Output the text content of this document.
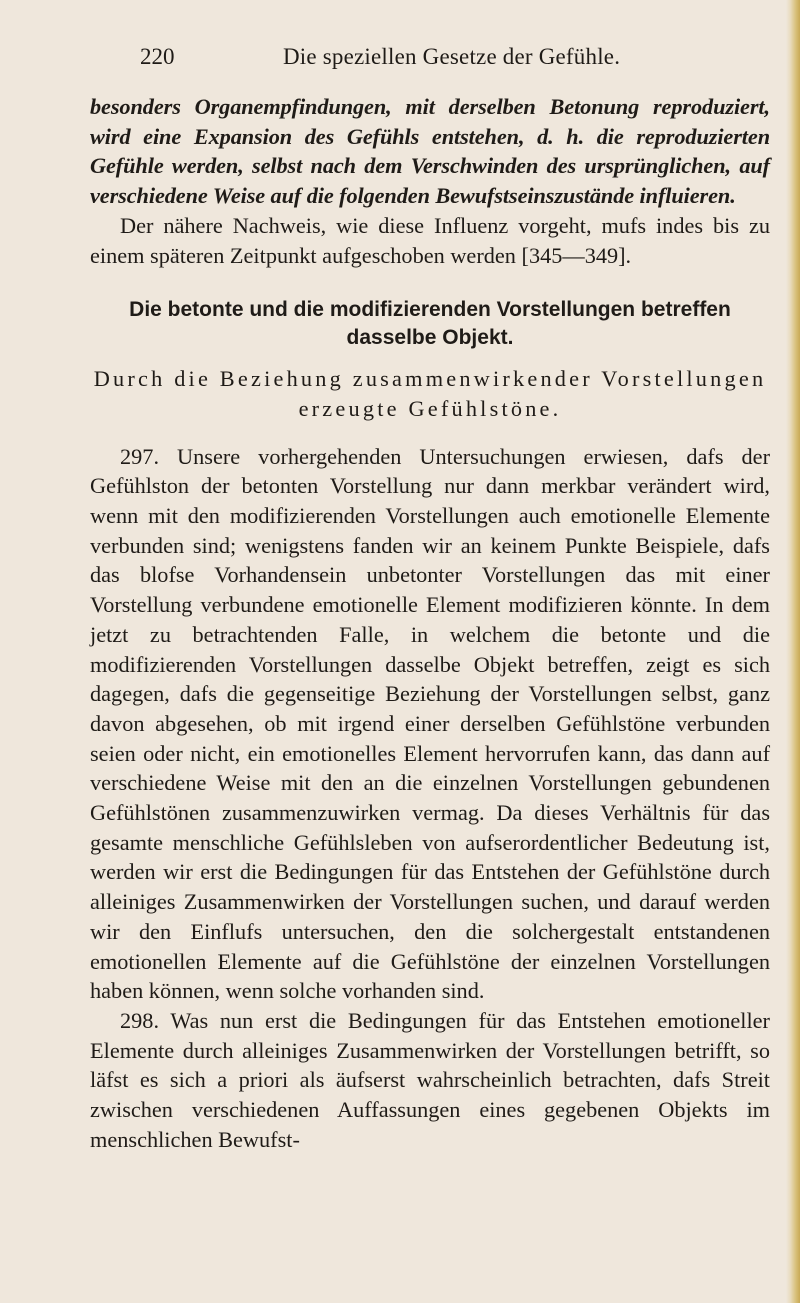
220	Die speziellen Gesetze der Gefühle.

besonders Organempfindungen, mit derselben Betonung reproduziert, wird eine Expansion des Gefühls entstehen, d. h. die reproduzierten Gefühle werden, selbst nach dem Verschwinden des ursprünglichen, auf verschiedene Weise auf die folgenden Bewufstseinszustände influieren.

Der nähere Nachweis, wie diese Influenz vorgeht, mufs indes bis zu einem späteren Zeitpunkt aufgeschoben werden [345—349].

Die betonte und die modifizierenden Vorstellungen betreffen dasselbe Objekt.
Durch die Beziehung zusammenwirkender Vorstellungen erzeugte Gefühlstöne.

297. Unsere vorhergehenden Untersuchungen erwiesen, dafs der Gefühlston der betonten Vorstellung nur dann merkbar verändert wird, wenn mit den modifizierenden Vorstellungen auch emotionelle Elemente verbunden sind; wenigstens fanden wir an keinem Punkte Beispiele, dafs das blofse Vorhandensein unbetonter Vorstellungen das mit einer Vorstellung verbundene emotionelle Element modifizieren könnte. In dem jetzt zu betrachtenden Falle, in welchem die betonte und die modifizierenden Vorstellungen dasselbe Objekt betreffen, zeigt es sich dagegen, dafs die gegenseitige Beziehung der Vorstellungen selbst, ganz davon abgesehen, ob mit irgend einer derselben Gefühlstöne verbunden seien oder nicht, ein emotionelles Element hervorrufen kann, das dann auf verschiedene Weise mit den an die einzelnen Vorstellungen gebundenen Gefühlstönen zusammenzuwirken vermag. Da dieses Verhältnis für das gesamte menschliche Gefühlsleben von aufserordentlicher Bedeutung ist, werden wir erst die Bedingungen für das Entstehen der Gefühlstöne durch alleiniges Zusammenwirken der Vorstellungen suchen, und darauf werden wir den Einflufs untersuchen, den die solchergestalt entstandenen emotionellen Elemente auf die Gefühlstöne der einzelnen Vorstellungen haben können, wenn solche vorhanden sind.

298. Was nun erst die Bedingungen für das Entstehen emotioneller Elemente durch alleiniges Zusammenwirken der Vorstellungen betrifft, so läfst es sich a priori als äufserst wahrscheinlich betrachten, dafs Streit zwischen verschiedenen Auffassungen eines gegebenen Objekts im menschlichen Bewufst-
